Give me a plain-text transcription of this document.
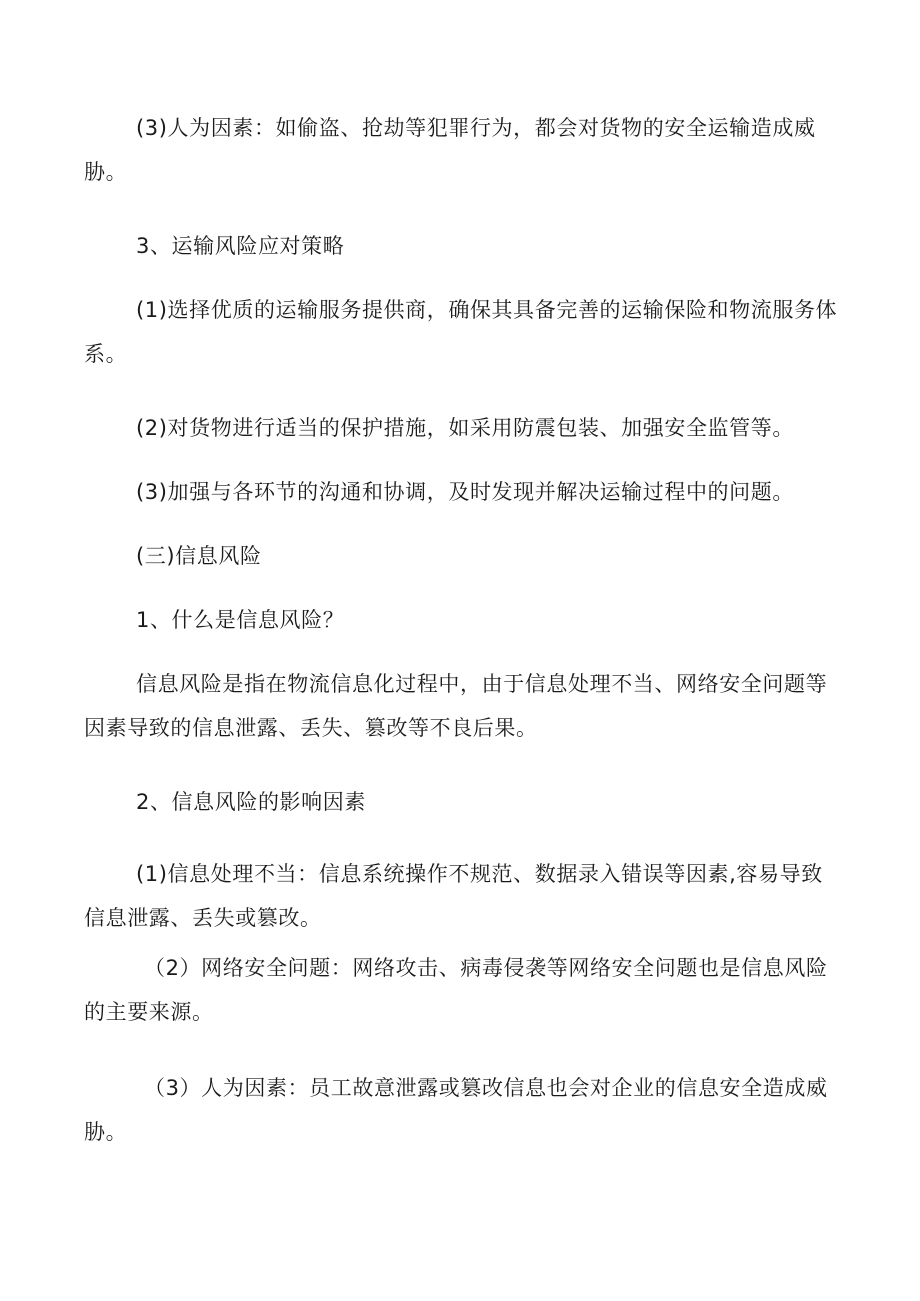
(3)人为因素：如偷盗、抢劫等犯罪行为，都会对货物的安全运输造成威胁。

3、运输风险应对策略

(1)选择优质的运输服务提供商，确保其具备完善的运输保险和物流服务体系。

(2)对货物进行适当的保护措施，如采用防震包装、加强安全监管等。

(3)加强与各环节的沟通和协调，及时发现并解决运输过程中的问题。

(三)信息风险

1、什么是信息风险？

信息风险是指在物流信息化过程中，由于信息处理不当、网络安全问题等因素导致的信息泄露、丢失、篡改等不良后果。

2、信息风险的影响因素

(1)信息处理不当：信息系统操作不规范、数据录入错误等因素,容易导致信息泄露、丢失或篡改。

（2）网络安全问题：网络攻击、病毒侵袭等网络安全问题也是信息风险的主要来源。

（3）人为因素：员工故意泄露或篡改信息也会对企业的信息安全造成威胁。
